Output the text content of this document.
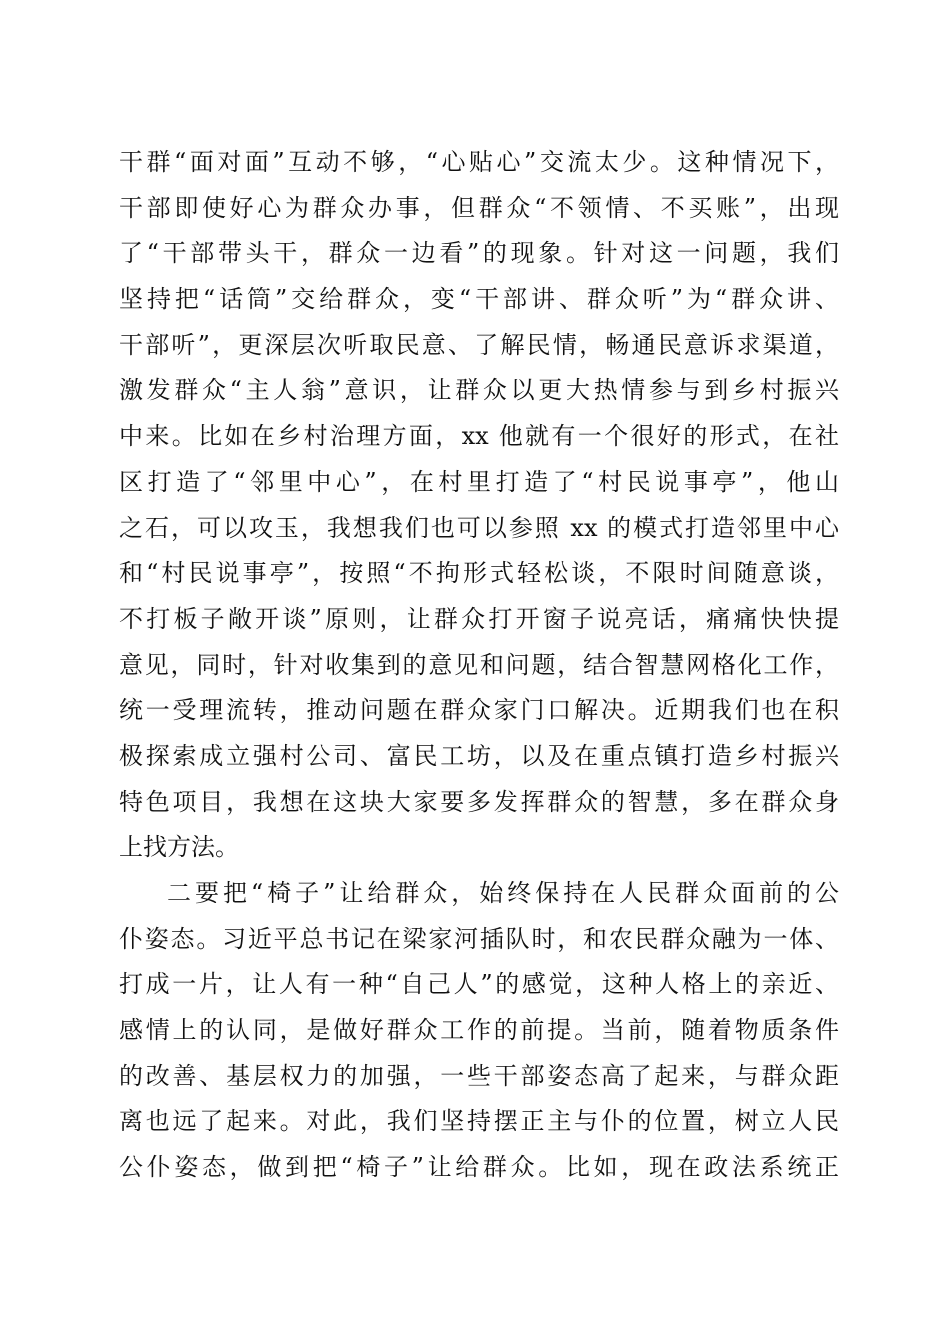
干群“面对面”互动不够，“心贴心”交流太少。这种情况下，
干部即使好心为群众办事，但群众“不领情、不买账”，出现
了“干部带头干，群众一边看”的现象。针对这一问题，我们
坚持把“话筒”交给群众，变“干部讲、群众听”为“群众讲、
干部听”，更深层次听取民意、了解民情，畅通民意诉求渠道，
激发群众“主人翁”意识，让群众以更大热情参与到乡村振兴
中来。比如在乡村治理方面，xx 他就有一个很好的形式，在社
区打造了“邻里中心”，在村里打造了“村民说事亭”，他山
之石，可以攻玉，我想我们也可以参照 xx 的模式打造邻里中心
和“村民说事亭”，按照“不拘形式轻松谈，不限时间随意谈，
不打板子敞开谈”原则，让群众打开窗子说亮话，痛痛快快提
意见，同时，针对收集到的意见和问题，结合智慧网格化工作，
统一受理流转，推动问题在群众家门口解决。近期我们也在积
极探索成立强村公司、富民工坊，以及在重点镇打造乡村振兴
特色项目，我想在这块大家要多发挥群众的智慧，多在群众身
上找方法。
二要把“椅子”让给群众，始终保持在人民群众面前的公
仆姿态。习近平总书记在梁家河插队时，和农民群众融为一体、
打成一片，让人有一种“自己人”的感觉，这种人格上的亲近、
感情上的认同，是做好群众工作的前提。当前，随着物质条件
的改善、基层权力的加强，一些干部姿态高了起来，与群众距
离也远了起来。对此，我们坚持摆正主与仆的位置，树立人民
公仆姿态，做到把“椅子”让给群众。比如，现在政法系统正
